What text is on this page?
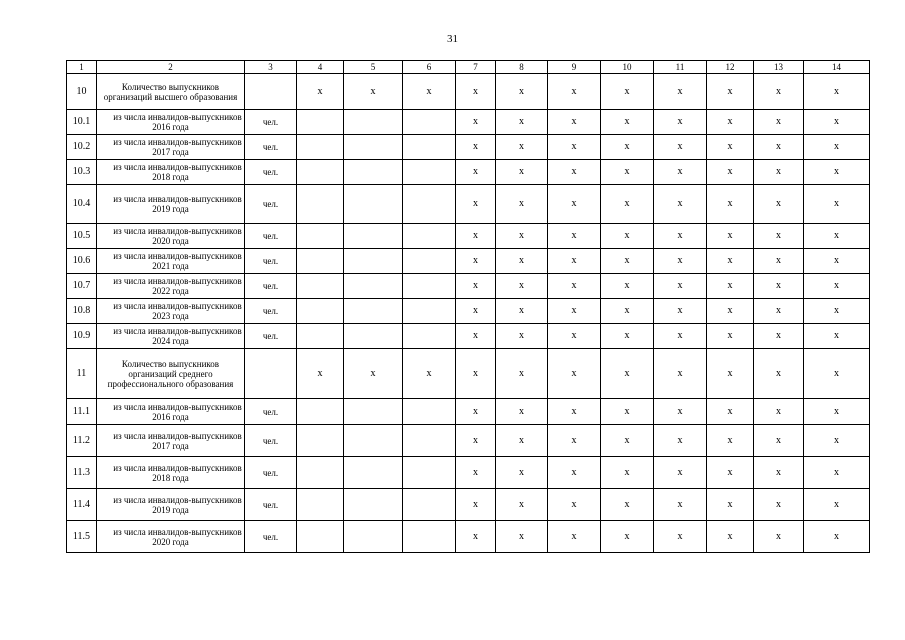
31
1	2	3	4	5	6	7	8	9	10	11	12	13	14
10	Количество выпускников организаций высшего образования		x	x	x	x	x	x	x	x	x	x	x
10.1	из числа инвалидов-выпускников 2016 года	чел.				x	x	x	x	x	x	x	x
10.2	из числа инвалидов-выпускников 2017 года	чел.				x	x	x	x	x	x	x	x
10.3	из числа инвалидов-выпускников 2018 года	чел.				x	x	x	x	x	x	x	x
10.4	из числа инвалидов-выпускников 2019 года	чел.				x	x	x	x	x	x	x	x
10.5	из числа инвалидов-выпускников 2020 года	чел.				x	x	x	x	x	x	x	x
10.6	из числа инвалидов-выпускников 2021 года	чел.				x	x	x	x	x	x	x	x
10.7	из числа инвалидов-выпускников 2022 года	чел.				x	x	x	x	x	x	x	x
10.8	из числа инвалидов-выпускников 2023 года	чел.				x	x	x	x	x	x	x	x
10.9	из числа инвалидов-выпускников 2024 года	чел.				x	x	x	x	x	x	x	x
11	Количество выпускников организаций среднего профессионального образования		x	x	x	x	x	x	x	x	x	x	x
11.1	из числа инвалидов-выпускников 2016 года	чел.				x	x	x	x	x	x	x	x
11.2	из числа инвалидов-выпускников 2017 года	чел.				x	x	x	x	x	x	x	x
11.3	из числа инвалидов-выпускников 2018 года	чел.				x	x	x	x	x	x	x	x
11.4	из числа инвалидов-выпускников 2019 года	чел.				x	x	x	x	x	x	x	x
11.5	из числа инвалидов-выпускников 2020 года	чел.				x	x	x	x	x	x	x	x
